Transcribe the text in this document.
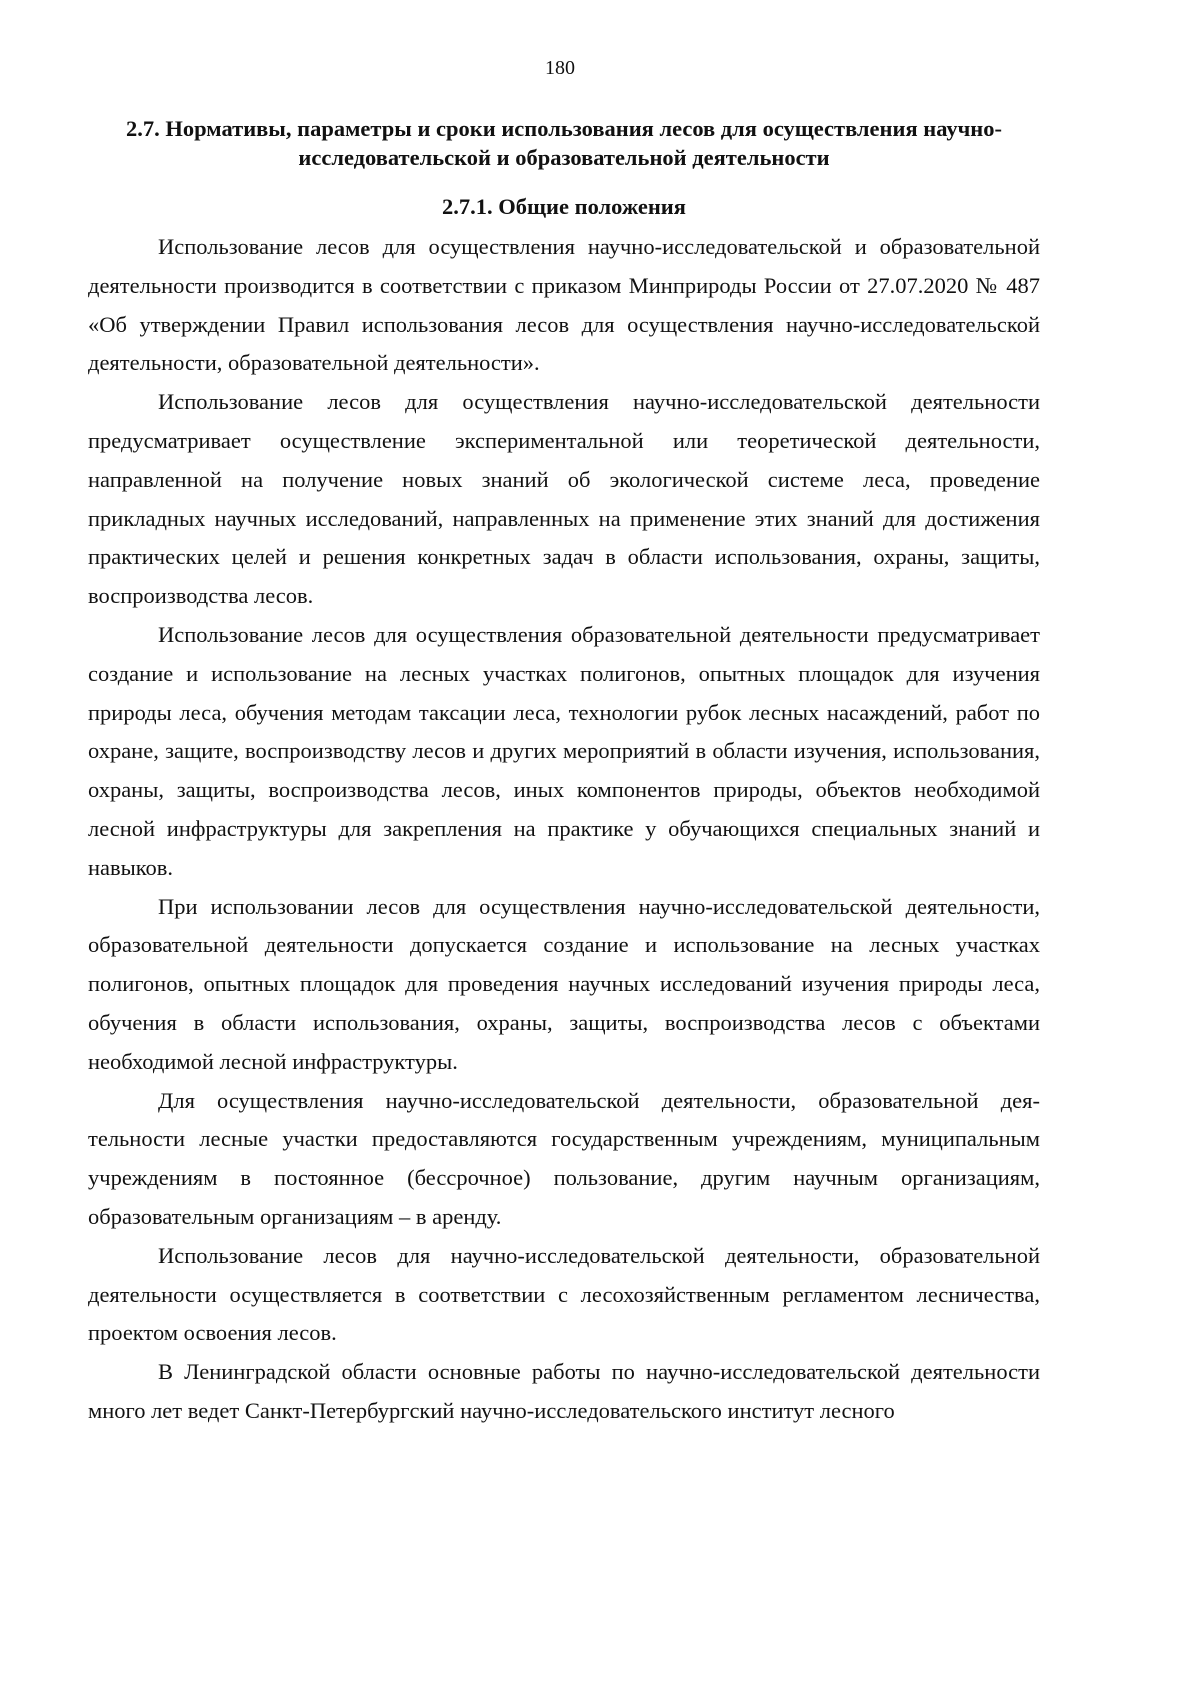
180
2.7. Нормативы, параметры и сроки использования лесов для осуществления научно-исследовательской и образовательной деятельности
2.7.1. Общие положения

Использование лесов для осуществления научно-исследовательской и образовательной деятельности производится в соответствии с приказом Минприроды России от 27.07.2020 № 487 «Об утверждении Правил использования лесов для осуществления научно-исследовательской деятельности, образовательной деятельности».

Использование лесов для осуществления научно-исследовательской деятельности предусматривает осуществление экспериментальной или теоретической деятельности, направленной на получение новых знаний об экологической системе леса, проведение прикладных научных исследований, направленных на применение этих знаний для достижения практических целей и решения конкретных задач в области использования, охраны, защиты, воспроизводства лесов.

Использование лесов для осуществления образовательной деятельности предусматривает создание и использование на лесных участках полигонов, опытных площадок для изучения природы леса, обучения методам таксации леса, технологии рубок лесных насаждений, работ по охране, защите, воспроизводству лесов и других мероприятий в области изучения, использования, охраны, защиты, воспроизводства лесов, иных компонентов природы, объектов необходимой лесной инфраструктуры для закрепления на практике у обучающихся специальных знаний и навыков.

При использовании лесов для осуществления научно-исследовательской деятельности, образовательной деятельности допускается создание и использование на лесных участках полигонов, опытных площадок для проведения научных исследований изучения природы леса, обучения в области использования, охраны, защиты, воспроизводства лесов с объектами необходимой лесной инфраструктуры.

Для осуществления научно-исследовательской деятельности, образовательной деятельности лесные участки предоставляются государственным учреждениям, муниципальным учреждениям в постоянное (бессрочное) пользование, другим научным организациям, образовательным организациям – в аренду.

Использование лесов для научно-исследовательской деятельности, образовательной деятельности осуществляется в соответствии с лесохозяйственным регламентом лесничества, проектом освоения лесов.

В Ленинградской области основные работы по научно-исследовательской деятельности много лет ведет Санкт-Петербургский научно-исследовательского институт лесного
